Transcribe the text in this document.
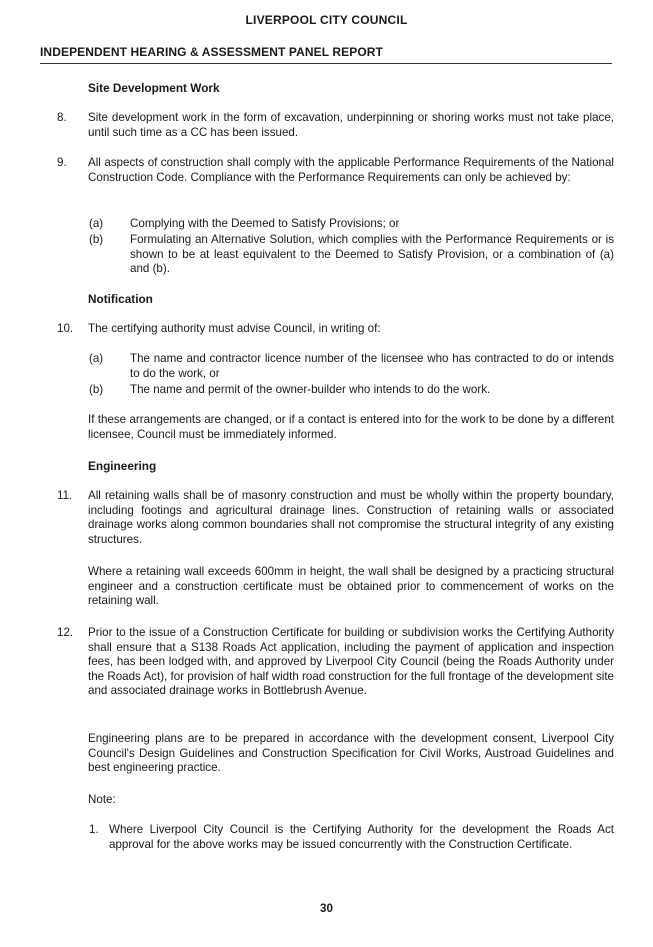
LIVERPOOL CITY COUNCIL
INDEPENDENT HEARING & ASSESSMENT PANEL REPORT
Site Development Work
8. Site development work in the form of excavation, underpinning or shoring works must not take place, until such time as a CC has been issued.
9. All aspects of construction shall comply with the applicable Performance Requirements of the National Construction Code. Compliance with the Performance Requirements can only be achieved by:
(a) Complying with the Deemed to Satisfy Provisions; or
(b) Formulating an Alternative Solution, which complies with the Performance Requirements or is shown to be at least equivalent to the Deemed to Satisfy Provision, or a combination of (a) and (b).
Notification
10. The certifying authority must advise Council, in writing of:
(a) The name and contractor licence number of the licensee who has contracted to do or intends to do the work, or
(b) The name and permit of the owner-builder who intends to do the work.
If these arrangements are changed, or if a contact is entered into for the work to be done by a different licensee, Council must be immediately informed.
Engineering
11. All retaining walls shall be of masonry construction and must be wholly within the property boundary, including footings and agricultural drainage lines. Construction of retaining walls or associated drainage works along common boundaries shall not compromise the structural integrity of any existing structures.
Where a retaining wall exceeds 600mm in height, the wall shall be designed by a practicing structural engineer and a construction certificate must be obtained prior to commencement of works on the retaining wall.
12. Prior to the issue of a Construction Certificate for building or subdivision works the Certifying Authority shall ensure that a S138 Roads Act application, including the payment of application and inspection fees, has been lodged with, and approved by Liverpool City Council (being the Roads Authority under the Roads Act), for provision of half width road construction for the full frontage of the development site and associated drainage works in Bottlebrush Avenue.
Engineering plans are to be prepared in accordance with the development consent, Liverpool City Council's Design Guidelines and Construction Specification for Civil Works, Austroad Guidelines and best engineering practice.
Note:
1. Where Liverpool City Council is the Certifying Authority for the development the Roads Act approval for the above works may be issued concurrently with the Construction Certificate.
30
